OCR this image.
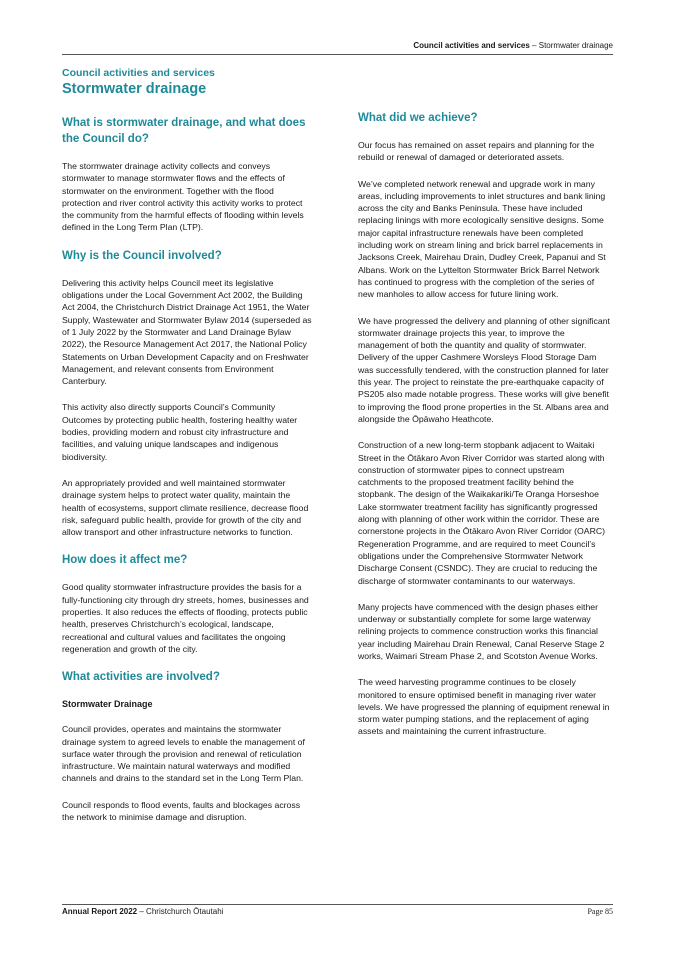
Council activities and services – Stormwater drainage

Council activities and services

Stormwater drainage
What is stormwater drainage, and what does the Council do?

The stormwater drainage activity collects and conveys stormwater to manage stormwater flows and the effects of stormwater on the environment. Together with the flood protection and river control activity this activity works to protect the community from the harmful effects of flooding within levels defined in the Long Term Plan (LTP).

Why is the Council involved?

Delivering this activity helps Council meet its legislative obligations under the Local Government Act 2002, the Building Act 2004, the Christchurch District Drainage Act 1951, the Water Supply, Wastewater and Stormwater Bylaw 2014 (superseded as of 1 July 2022 by the Stormwater and Land Drainage Bylaw 2022), the Resource Management Act 2017, the National Policy Statements on Urban Development Capacity and on Freshwater Management, and relevant consents from Environment Canterbury.

This activity also directly supports Council’s Community Outcomes by protecting public health, fostering healthy water bodies, providing modern and robust city infrastructure and facilities, and valuing unique landscapes and indigenous biodiversity.

An appropriately provided and well maintained stormwater drainage system helps to protect water quality, maintain the health of ecosystems, support climate resilience, decrease flood risk, safeguard public health, provide for growth of the city and allow transport and other infrastructure networks to function.

How does it affect me?

Good quality stormwater infrastructure provides the basis for a fully-functioning city through dry streets, homes, businesses and properties. It also reduces the effects of flooding, protects public health, preserves Christchurch’s ecological, landscape, recreational and cultural values and facilitates the ongoing regeneration and growth of the city.

What activities are involved?
Stormwater Drainage

Council provides, operates and maintains the stormwater drainage system to agreed levels to enable the management of surface water through the provision and renewal of reticulation infrastructure. We maintain natural waterways and modified channels and drains to the standard set in the Long Term Plan.

Council responds to flood events, faults and blockages across the network to minimise damage and disruption.

What did we achieve?

Our focus has remained on asset repairs and planning for the rebuild or renewal of damaged or deteriorated assets.

We’ve completed network renewal and upgrade work in many areas, including improvements to inlet structures and bank lining across the city and Banks Peninsula. These have included replacing linings with more ecologically sensitive designs. Some major capital infrastructure renewals have been completed including work on stream lining and brick barrel replacements in Jacksons Creek, Mairehau Drain, Dudley Creek, Papanui and St Albans. Work on the Lyttelton Stormwater Brick Barrel Network has continued to progress with the completion of the series of new manholes to allow access for future lining work.

We have progressed the delivery and planning of other significant stormwater drainage projects this year, to improve the management of both the quantity and quality of stormwater. Delivery of the upper Cashmere Worsleys Flood Storage Dam was successfully tendered, with the construction planned for later this year. The project to reinstate the pre-earthquake capacity of PS205 also made notable progress. These works will give benefit to improving the flood prone properties in the St. Albans area and alongside the Ōpāwaho Heathcote.

Construction of a new long-term stopbank adjacent to Waitaki Street in the Ōtākaro Avon River Corridor was started along with construction of stormwater pipes to connect upstream catchments to the proposed treatment facility behind the stopbank. The design of the Waikakariki/Te Oranga Horseshoe Lake stormwater treatment facility has significantly progressed along with planning of other work within the corridor. These are cornerstone projects in the Ōtākaro Avon River Corridor (OARC) Regeneration Programme, and are required to meet Council’s obligations under the Comprehensive Stormwater Network Discharge Consent (CSNDC). They are crucial to reducing the discharge of stormwater contaminants to our waterways.

Many projects have commenced with the design phases either underway or substantially complete for some large waterway relining projects to commence construction works this financial year including Mairehau Drain Renewal, Canal Reserve Stage 2 works, Waimari Stream Phase 2, and Scotston Avenue Works.

The weed harvesting programme continues to be closely monitored to ensure optimised benefit in managing river water levels. We have progressed the planning of equipment renewal in storm water pumping stations, and the replacement of aging assets and maintaining the current infrastructure.

Annual Report 2022 – Christchurch Ōtautahi	Page 85
